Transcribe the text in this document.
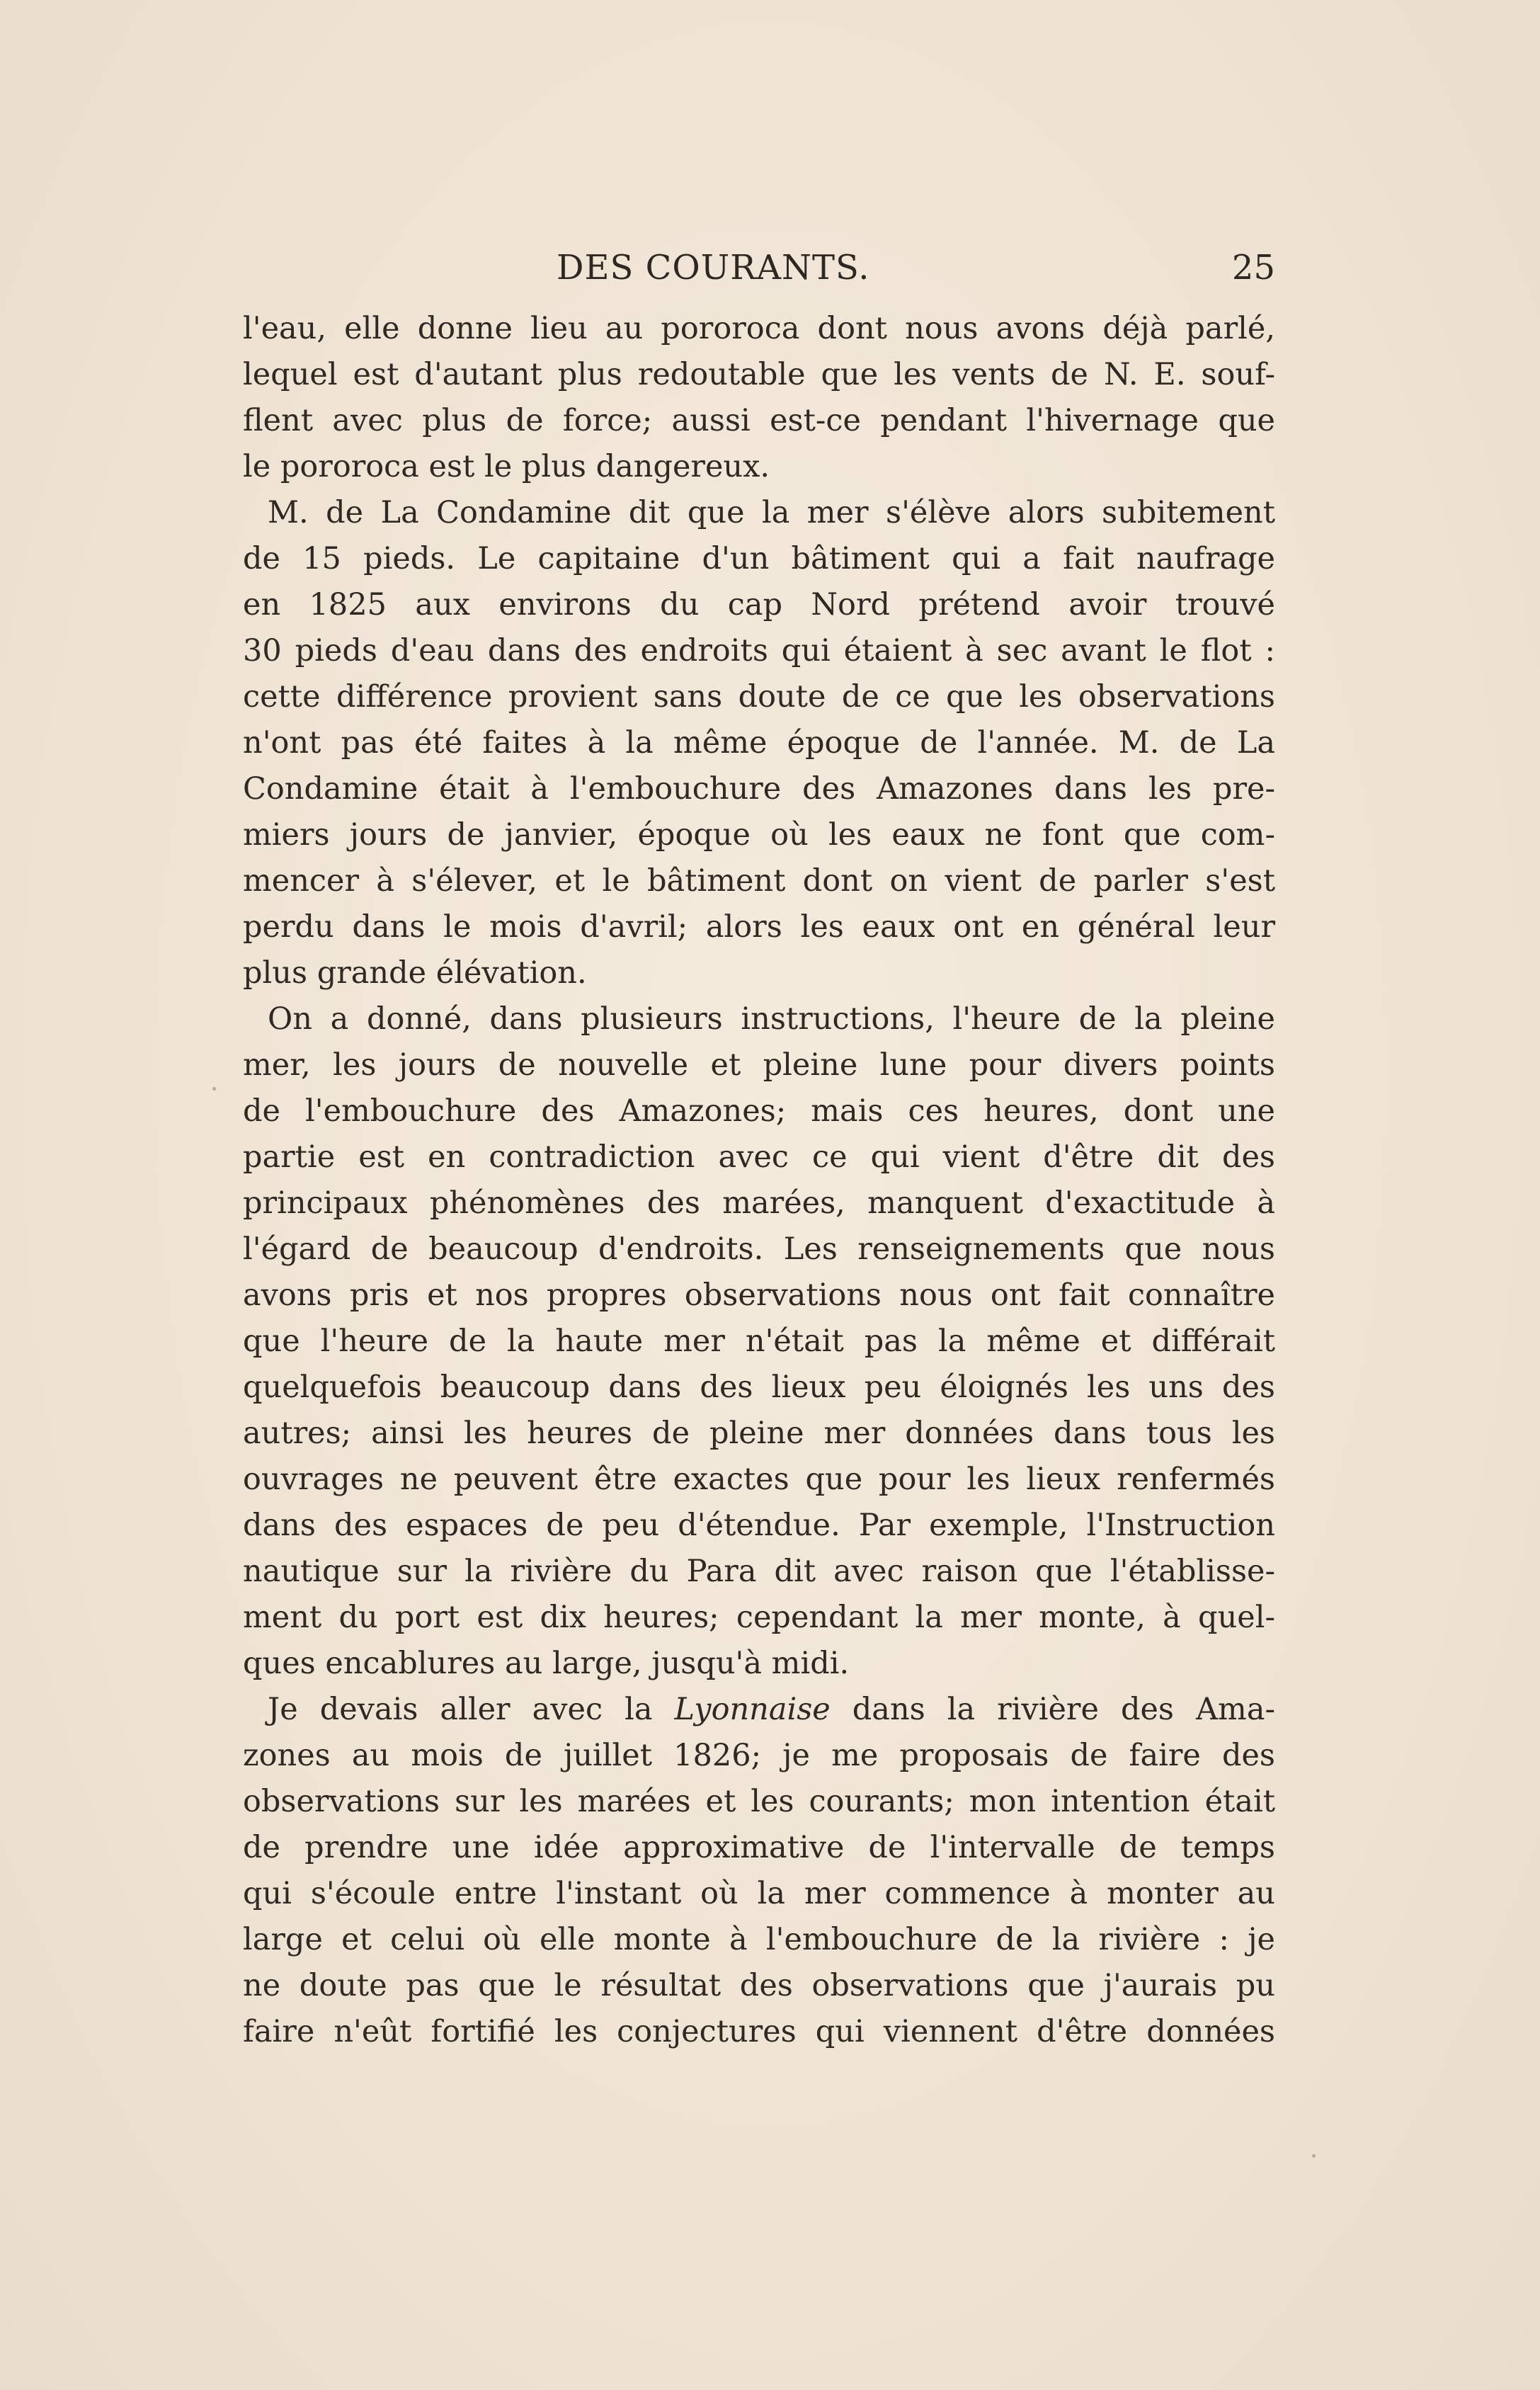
DES COURANTS.	25
l'eau, elle donne lieu au pororoca dont nous avons déjà parlé,
lequel est d'autant plus redoutable que les vents de N. E. souf-
flent avec plus de force; aussi est-ce pendant l'hivernage que
le pororoca est le plus dangereux.
M. de La Condamine dit que la mer s'élève alors subitement
de 15 pieds. Le capitaine d'un bâtiment qui a fait naufrage
en 1825 aux environs du cap Nord prétend avoir trouvé
30 pieds d'eau dans des endroits qui étaient à sec avant le flot :
cette différence provient sans doute de ce que les observations
n'ont pas été faites à la même époque de l'année. M. de La
Condamine était à l'embouchure des Amazones dans les pre-
miers jours de janvier, époque où les eaux ne font que com-
mencer à s'élever, et le bâtiment dont on vient de parler s'est
perdu dans le mois d'avril; alors les eaux ont en général leur
plus grande élévation.
On a donné, dans plusieurs instructions, l'heure de la pleine
mer, les jours de nouvelle et pleine lune pour divers points
de l'embouchure des Amazones; mais ces heures, dont une
partie est en contradiction avec ce qui vient d'être dit des
principaux phénomènes des marées, manquent d'exactitude à
l'égard de beaucoup d'endroits. Les renseignements que nous
avons pris et nos propres observations nous ont fait connaître
que l'heure de la haute mer n'était pas la même et différait
quelquefois beaucoup dans des lieux peu éloignés les uns des
autres; ainsi les heures de pleine mer données dans tous les
ouvrages ne peuvent être exactes que pour les lieux renfermés
dans des espaces de peu d'étendue. Par exemple, l'Instruction
nautique sur la rivière du Para dit avec raison que l'établisse-
ment du port est dix heures; cependant la mer monte, à quel-
ques encablures au large, jusqu'à midi.
Je devais aller avec la Lyonnaise dans la rivière des Ama-
zones au mois de juillet 1826; je me proposais de faire des
observations sur les marées et les courants; mon intention était
de prendre une idée approximative de l'intervalle de temps
qui s'écoule entre l'instant où la mer commence à monter au
large et celui où elle monte à l'embouchure de la rivière : je
ne doute pas que le résultat des observations que j'aurais pu
faire n'eût fortifié les conjectures qui viennent d'être données
